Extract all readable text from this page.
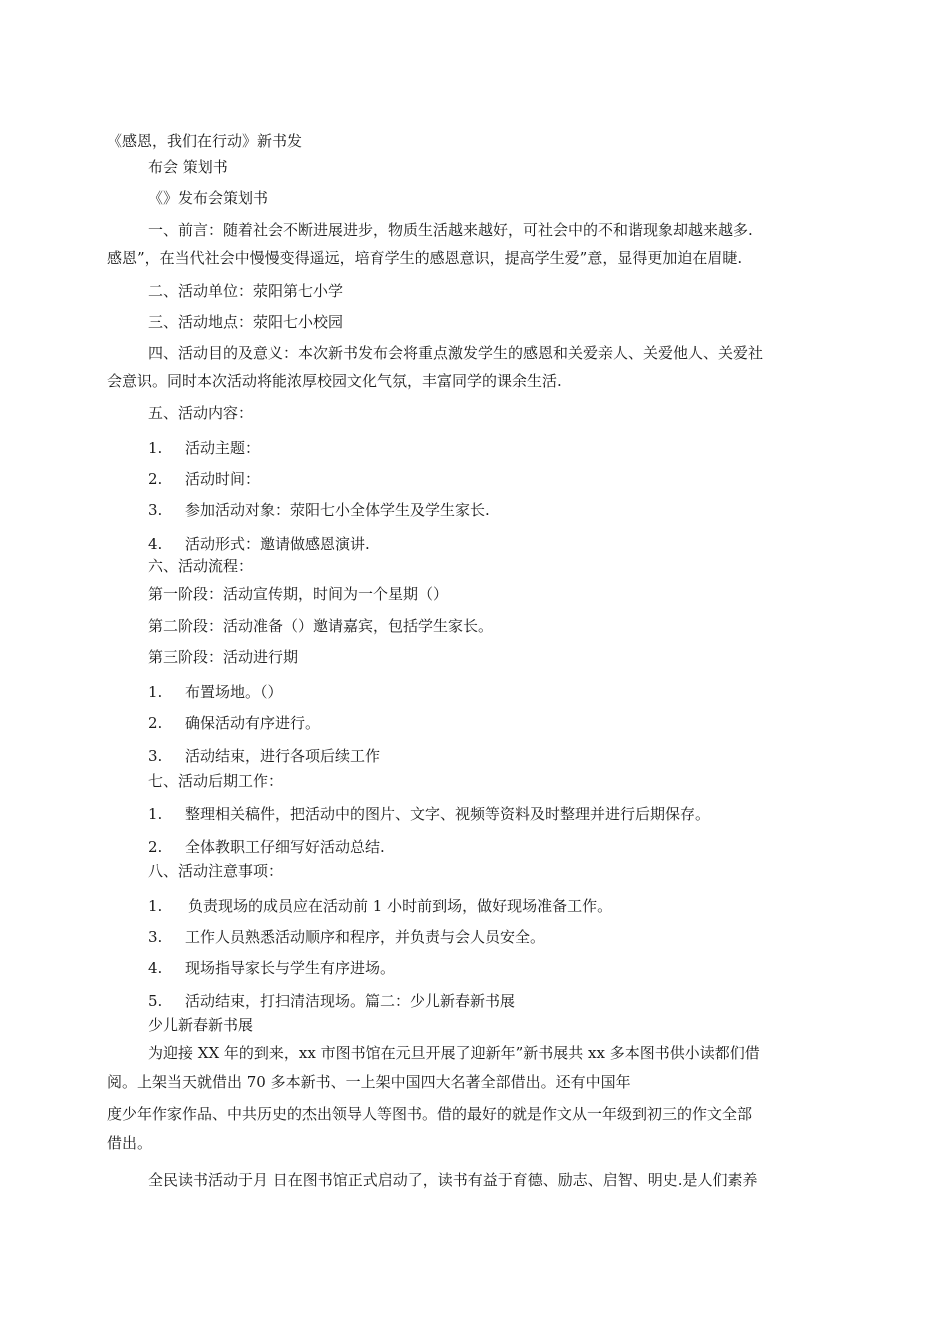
《感恩，我们在行动》新书发
布会 策划书
《》发布会策划书
一、前言：随着社会不断进展进步，物质生活越来越好，可社会中的不和谐现象却越来越多.
感恩”，在当代社会中慢慢变得遥远，培育学生的感恩意识，提高学生爱”意，显得更加迫在眉睫.
二、活动单位：荥阳第七小学
三、活动地点：荥阳七小校园
四、活动目的及意义：本次新书发布会将重点激发学生的感恩和关爱亲人、关爱他人、关爱社
会意识。同时本次活动将能浓厚校园文化气氛，丰富同学的课余生活.
五、活动内容：
1. 活动主题：
2. 活动时间：
3. 参加活动对象：荥阳七小全体学生及学生家长.
4. 活动形式：邀请做感恩演讲.
六、活动流程：
第一阶段：活动宣传期，时间为一个星期（）
第二阶段：活动准备（）邀请嘉宾，包括学生家长。
第三阶段：活动进行期
1. 布置场地。（）
2. 确保活动有序进行。
3. 活动结束，进行各项后续工作
七、活动后期工作：
1. 整理相关稿件，把活动中的图片、文字、视频等资料及时整理并进行后期保存。
2. 全体教职工仔细写好活动总结.
八、活动注意事项：
1. 负责现场的成员应在活动前 1 小时前到场，做好现场准备工作。
3. 工作人员熟悉活动顺序和程序，并负责与会人员安全。
4. 现场指导家长与学生有序进场。
5. 活动结束，打扫清洁现场。篇二：少儿新春新书展
少儿新春新书展
为迎接 XX 年的到来，xx 市图书馆在元旦开展了迎新年”新书展共 xx 多本图书供小读都们借
阅。上架当天就借出 70 多本新书、一上架中国四大名著全部借出。还有中国年
度少年作家作品、中共历史的杰出领导人等图书。借的最好的就是作文从一年级到初三的作文全部
借出。
全民读书活动于月 日在图书馆正式启动了，读书有益于育德、励志、启智、明史.是人们素养
